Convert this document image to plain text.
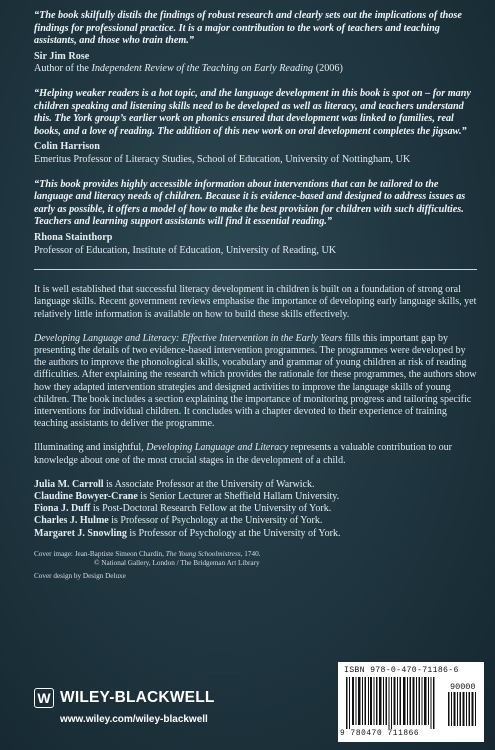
“The book skilfully distils the findings of robust research and clearly sets out the implications of those findings for professional practice. It is a major contribution to the work of teachers and teaching assistants, and those who train them.”

Sir Jim Rose
Author of the Independent Review of the Teaching on Early Reading (2006)

“Helping weaker readers is a hot topic, and the language development in this book is spot on – for many children speaking and listening skills need to be developed as well as literacy, and teachers understand this. The York group’s earlier work on phonics ensured that development was linked to families, real books, and a love of reading. The addition of this new work on oral development completes the jigsaw.”

Colin Harrison
Emeritus Professor of Literacy Studies, School of Education, University of Nottingham, UK

“This book provides highly accessible information about interventions that can be tailored to the language and literacy needs of children. Because it is evidence-based and designed to address issues as early as possible, it offers a model of how to make the best provision for children with such difficulties. Teachers and learning support assistants will find it essential reading.”

Rhona Stainthorp
Professor of Education, Institute of Education, University of Reading, UK

It is well established that successful literacy development in children is built on a foundation of strong oral language skills. Recent government reviews emphasise the importance of developing early language skills, yet relatively little information is available on how to build these skills effectively.

Developing Language and Literacy: Effective Intervention in the Early Years fills this important gap by presenting the details of two evidence-based intervention programmes. The programmes were developed by the authors to improve the phonological skills, vocabulary and grammar of young children at risk of reading difficulties. After explaining the research which provides the rationale for these programmes, the authors show how they adapted intervention strategies and designed activities to improve the language skills of young children. The book includes a section explaining the importance of monitoring progress and tailoring specific interventions for individual children. It concludes with a chapter devoted to their experience of training teaching assistants to deliver the programme.

Illuminating and insightful, Developing Language and Literacy represents a valuable contribution to our knowledge about one of the most crucial stages in the development of a child.

Julia M. Carroll is Associate Professor at the University of Warwick.
Claudine Bowyer-Crane is Senior Lecturer at Sheffield Hallam University.
Fiona J. Duff is Post-Doctoral Research Fellow at the University of York.
Charles J. Hulme is Professor of Psychology at the University of York.
Margaret J. Snowling is Professor of Psychology at the University of York.
Cover image: Jean-Baptiste Simeon Chardin, The Young Schoolmistress, 1740.
© National Gallery, London / The Bridgeman Art Library
Cover design by Design Deluxe
W WILEY-BLACKWELL
www.wiley.com/wiley-blackwell
ISBN 978-0-470-71186-6
90000
9 780470 711866
